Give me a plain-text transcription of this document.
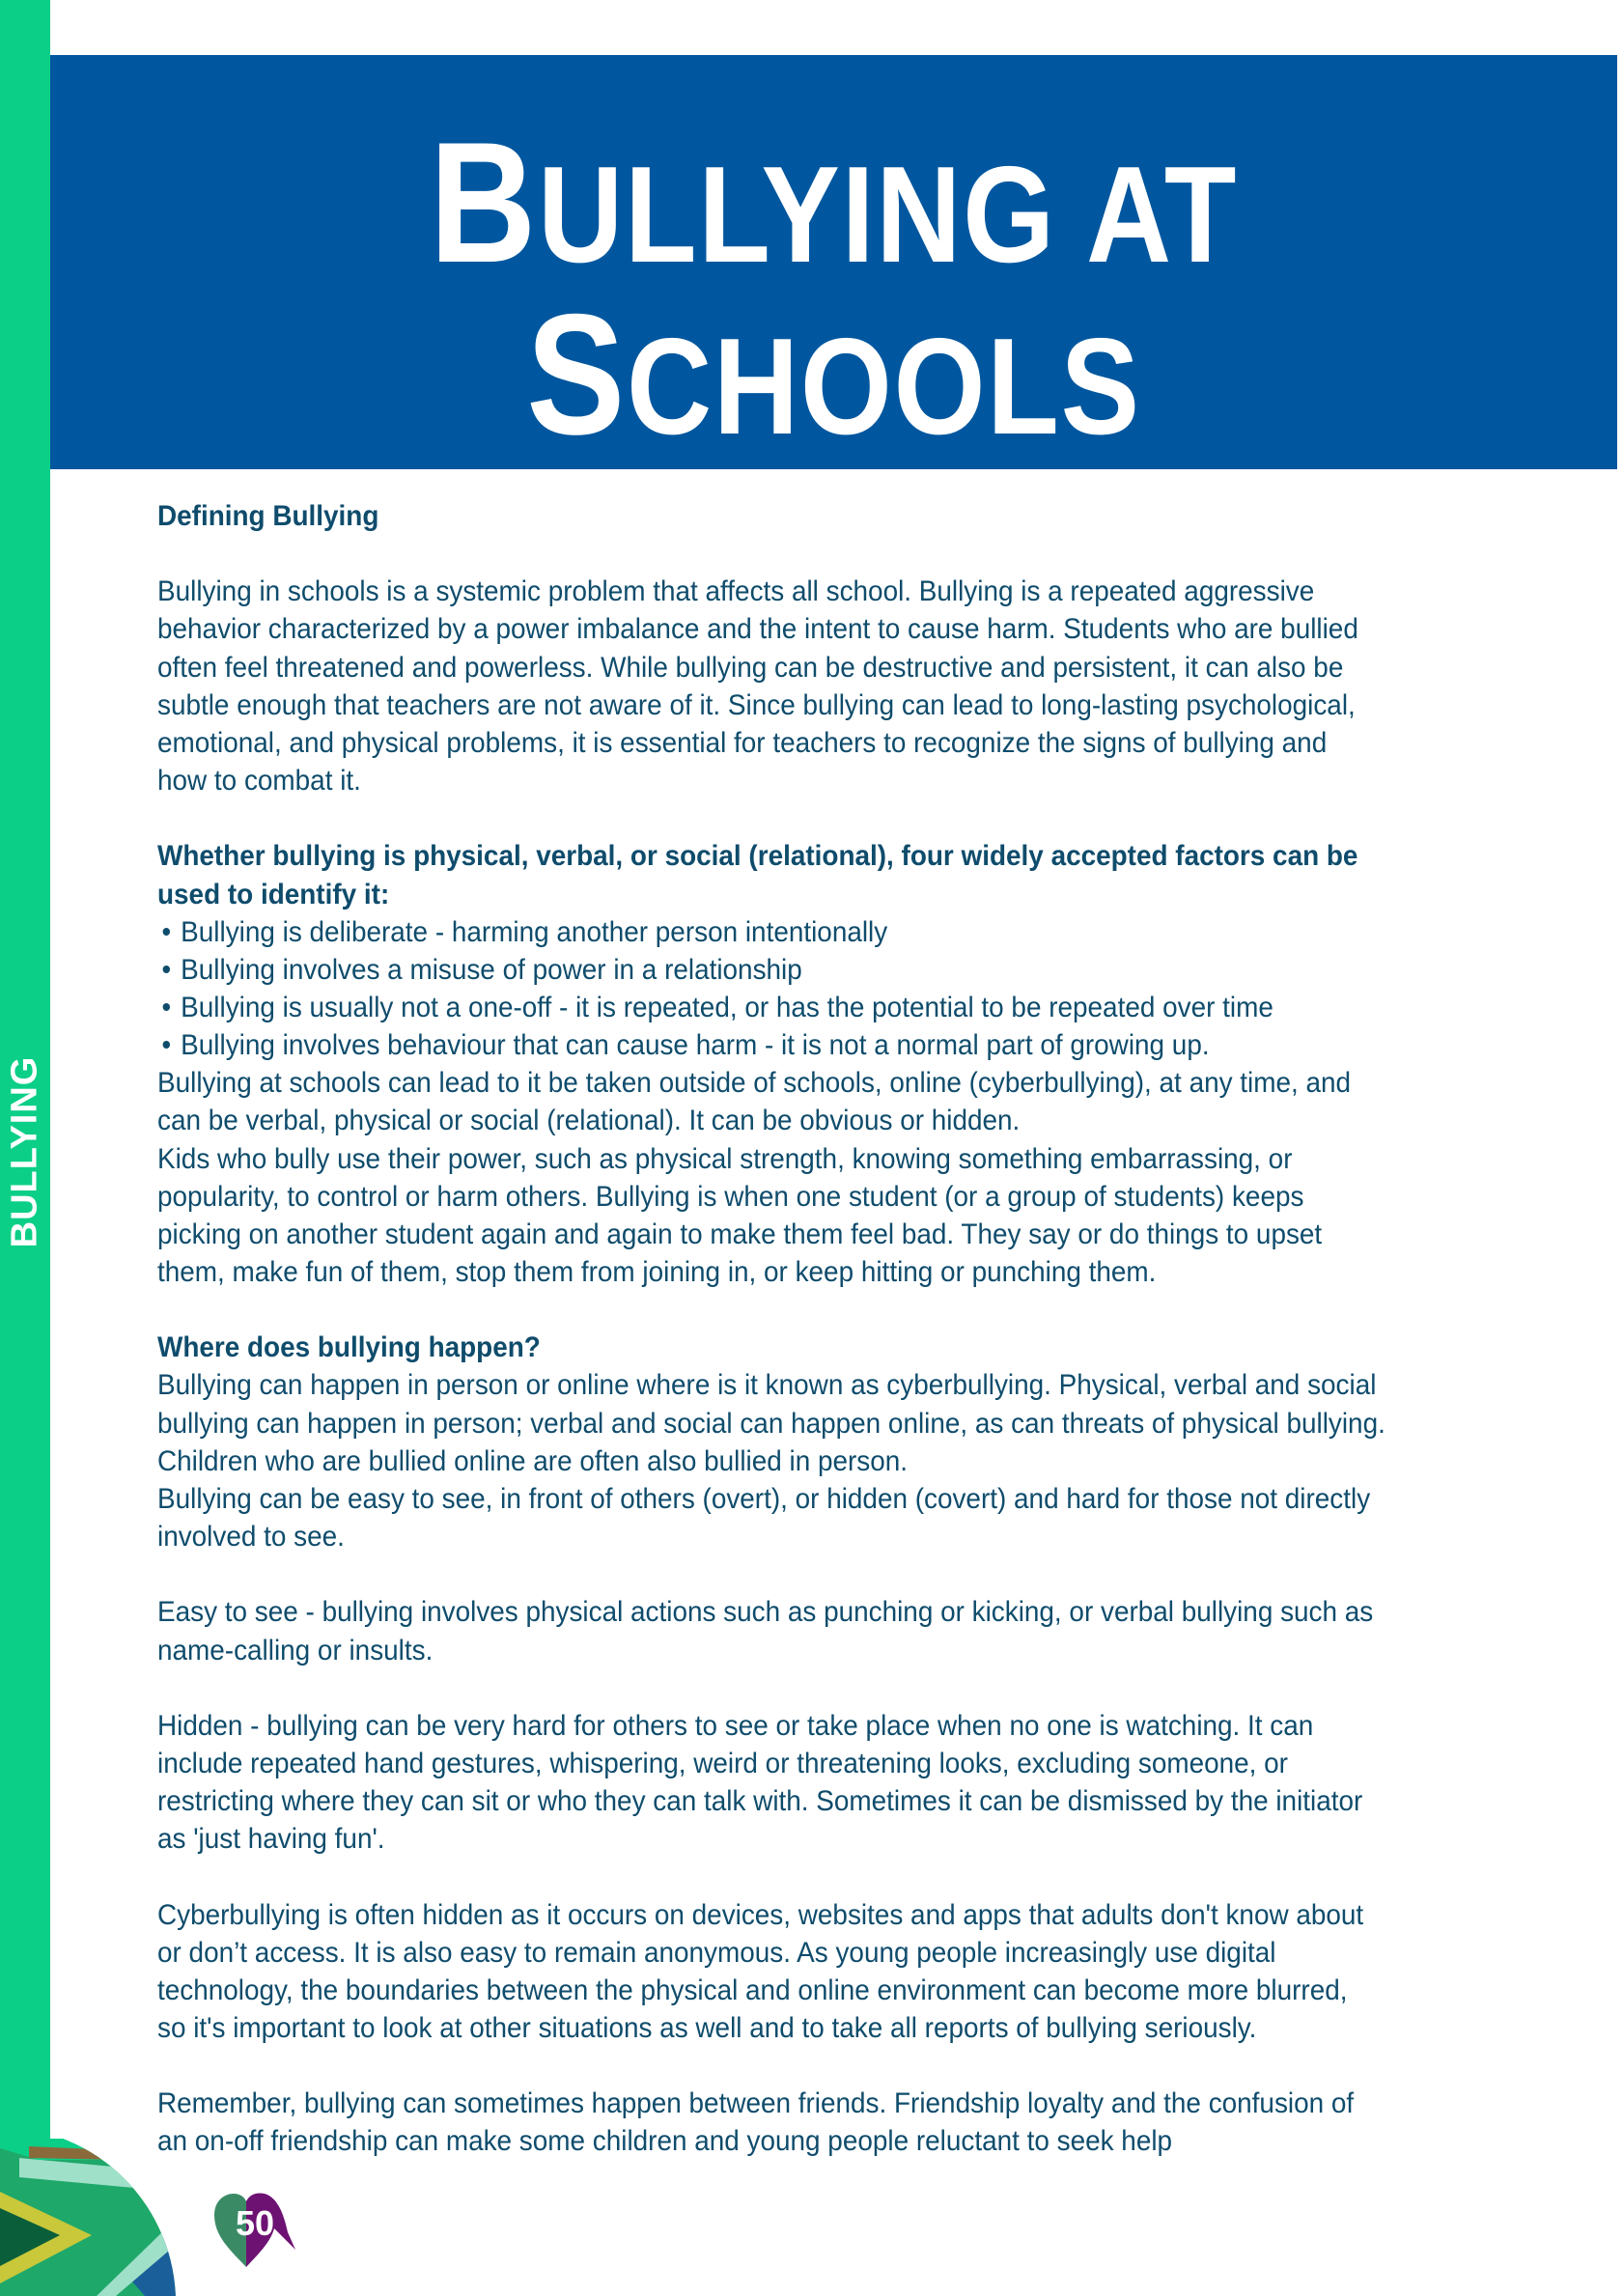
BULLYING
BULLYING AT
SCHOOLS
Defining Bullying
Bullying in schools is a systemic problem that affects all school. Bullying is a repeated aggressive
behavior characterized by a power imbalance and the intent to cause harm. Students who are bullied
often feel threatened and powerless. While bullying can be destructive and persistent, it can also be
subtle enough that teachers are not aware of it. Since bullying can lead to long-lasting psychological,
emotional, and physical problems, it is essential for teachers to recognize the signs of bullying and
how to combat it.
Whether bullying is physical, verbal, or social (relational), four widely accepted factors can be
used to identify it:
Bullying is deliberate - harming another person intentionally
Bullying involves a misuse of power in a relationship
Bullying is usually not a one-off - it is repeated, or has the potential to be repeated over time
Bullying involves behaviour that can cause harm - it is not a normal part of growing up.
Bullying at schools can lead to it be taken outside of schools, online (cyberbullying), at any time, and
can be verbal, physical or social (relational). It can be obvious or hidden.
Kids who bully use their power, such as physical strength, knowing something embarrassing, or
popularity, to control or harm others. Bullying is when one student (or a group of students) keeps
picking on another student again and again to make them feel bad. They say or do things to upset
them, make fun of them, stop them from joining in, or keep hitting or punching them.
Where does bullying happen?
Bullying can happen in person or online where is it known as cyberbullying. Physical, verbal and social
bullying can happen in person; verbal and social can happen online, as can threats of physical bullying.
Children who are bullied online are often also bullied in person.
Bullying can be easy to see, in front of others (overt), or hidden (covert) and hard for those not directly
involved to see.
Easy to see - bullying involves physical actions such as punching or kicking, or verbal bullying such as
name-calling or insults.
Hidden - bullying can be very hard for others to see or take place when no one is watching. It can
include repeated hand gestures, whispering, weird or threatening looks, excluding someone, or
restricting where they can sit or who they can talk with. Sometimes it can be dismissed by the initiator
as 'just having fun'.
Cyberbullying is often hidden as it occurs on devices, websites and apps that adults don't know about
or don’t access. It is also easy to remain anonymous. As young people increasingly use digital
technology, the boundaries between the physical and online environment can become more blurred,
so it's important to look at other situations as well and to take all reports of bullying seriously.
Remember, bullying can sometimes happen between friends. Friendship loyalty and the confusion of
an on-off friendship can make some children and young people reluctant to seek help
50
